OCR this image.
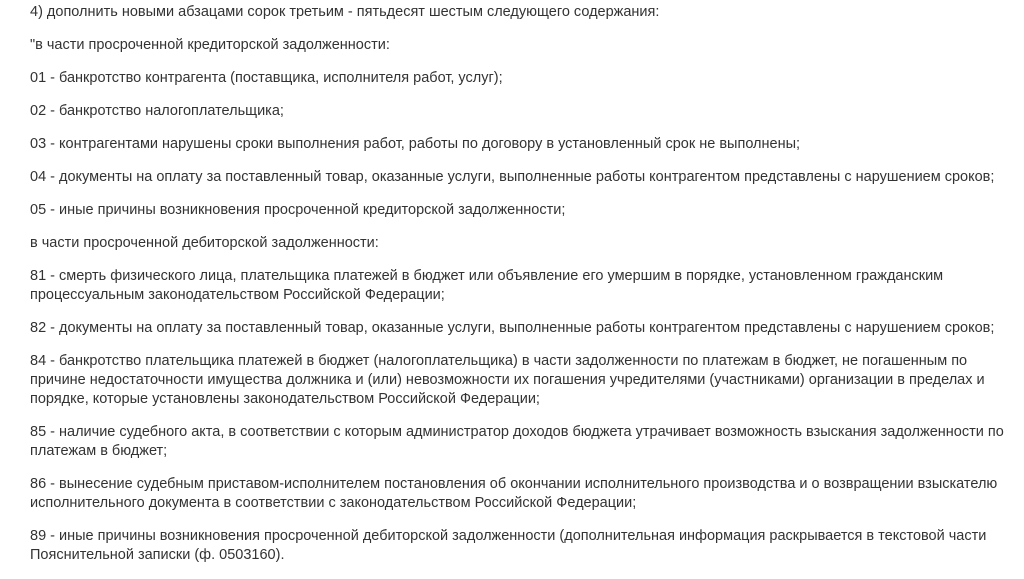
4) дополнить новыми абзацами сорок третьим - пятьдесят шестым следующего содержания:

"в части просроченной кредиторской задолженности:

01 - банкротство контрагента (поставщика, исполнителя работ, услуг);

02 - банкротство налогоплательщика;

03 - контрагентами нарушены сроки выполнения работ, работы по договору в установленный срок не выполнены;

04 - документы на оплату за поставленный товар, оказанные услуги, выполненные работы контрагентом представлены с нарушением сроков;

05 - иные причины возникновения просроченной кредиторской задолженности;

в части просроченной дебиторской задолженности:

81 - смерть физического лица, плательщика платежей в бюджет или объявление его умершим в порядке, установленном гражданским
процессуальным законодательством Российской Федерации;

82 - документы на оплату за поставленный товар, оказанные услуги, выполненные работы контрагентом представлены с нарушением сроков;

84 - банкротство плательщика платежей в бюджет (налогоплательщика) в части задолженности по платежам в бюджет, не погашенным по
причине недостаточности имущества должника и (или) невозможности их погашения учредителями (участниками) организации в пределах и
порядке, которые установлены законодательством Российской Федерации;

85 - наличие судебного акта, в соответствии с которым администратор доходов бюджета утрачивает возможность взыскания задолженности по
платежам в бюджет;

86 - вынесение судебным приставом-исполнителем постановления об окончании исполнительного производства и о возвращении взыскателю
исполнительного документа в соответствии с законодательством Российской Федерации;

89 - иные причины возникновения просроченной дебиторской задолженности (дополнительная информация раскрывается в текстовой части
Пояснительной записки (ф. 0503160).
